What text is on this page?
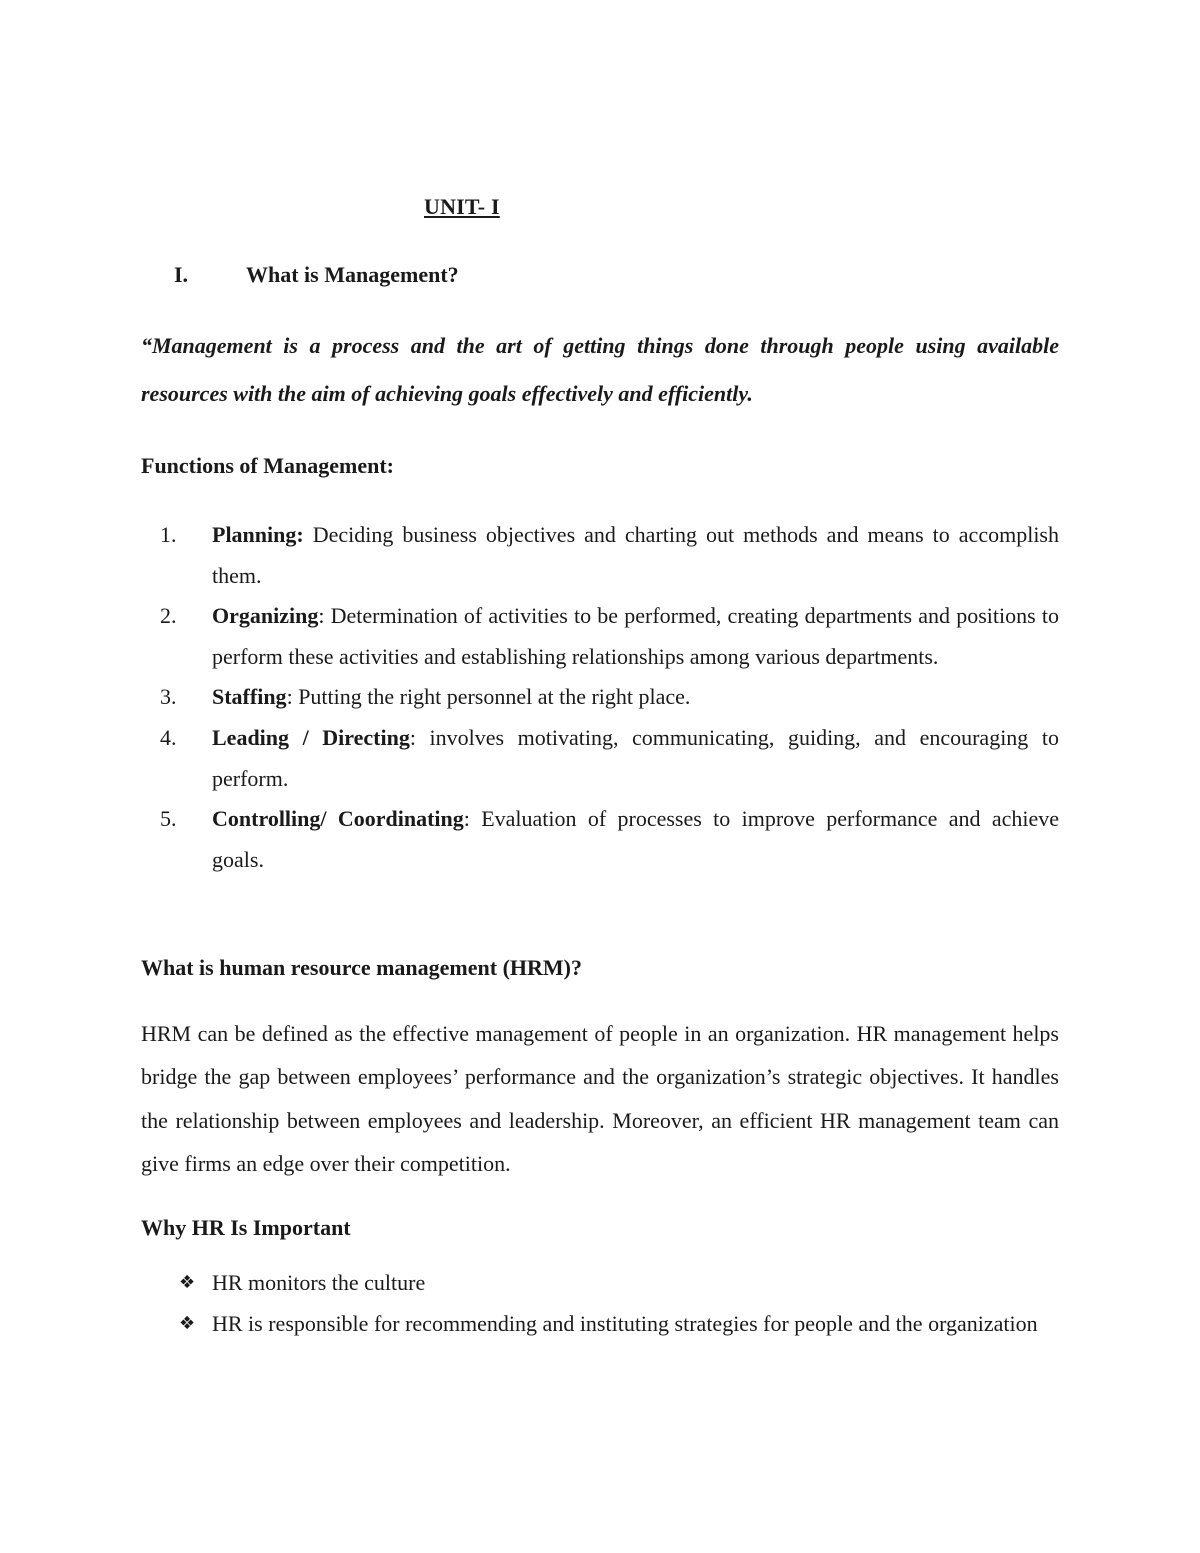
UNIT- I
I.	What is Management?

“Management is a process and the art of getting things done through people using available resources with the aim of achieving goals effectively and efficiently.

Functions of Management:
1. Planning: Deciding business objectives and charting out methods and means to accomplish them.
2. Organizing: Determination of activities to be performed, creating departments and positions to perform these activities and establishing relationships among various departments.
3. Staffing: Putting the right personnel at the right place.
4. Leading / Directing: involves motivating, communicating, guiding, and encouraging to perform.
5. Controlling/ Coordinating: Evaluation of processes to improve performance and achieve goals.
What is human resource management (HRM)?

HRM can be defined as the effective management of people in an organization. HR management helps bridge the gap between employees’ performance and the organization’s strategic objectives. It handles the relationship between employees and leadership. Moreover, an efficient HR management team can give firms an edge over their competition.

Why HR Is Important
❖ HR monitors the culture
❖ HR is responsible for recommending and instituting strategies for people and the organization
